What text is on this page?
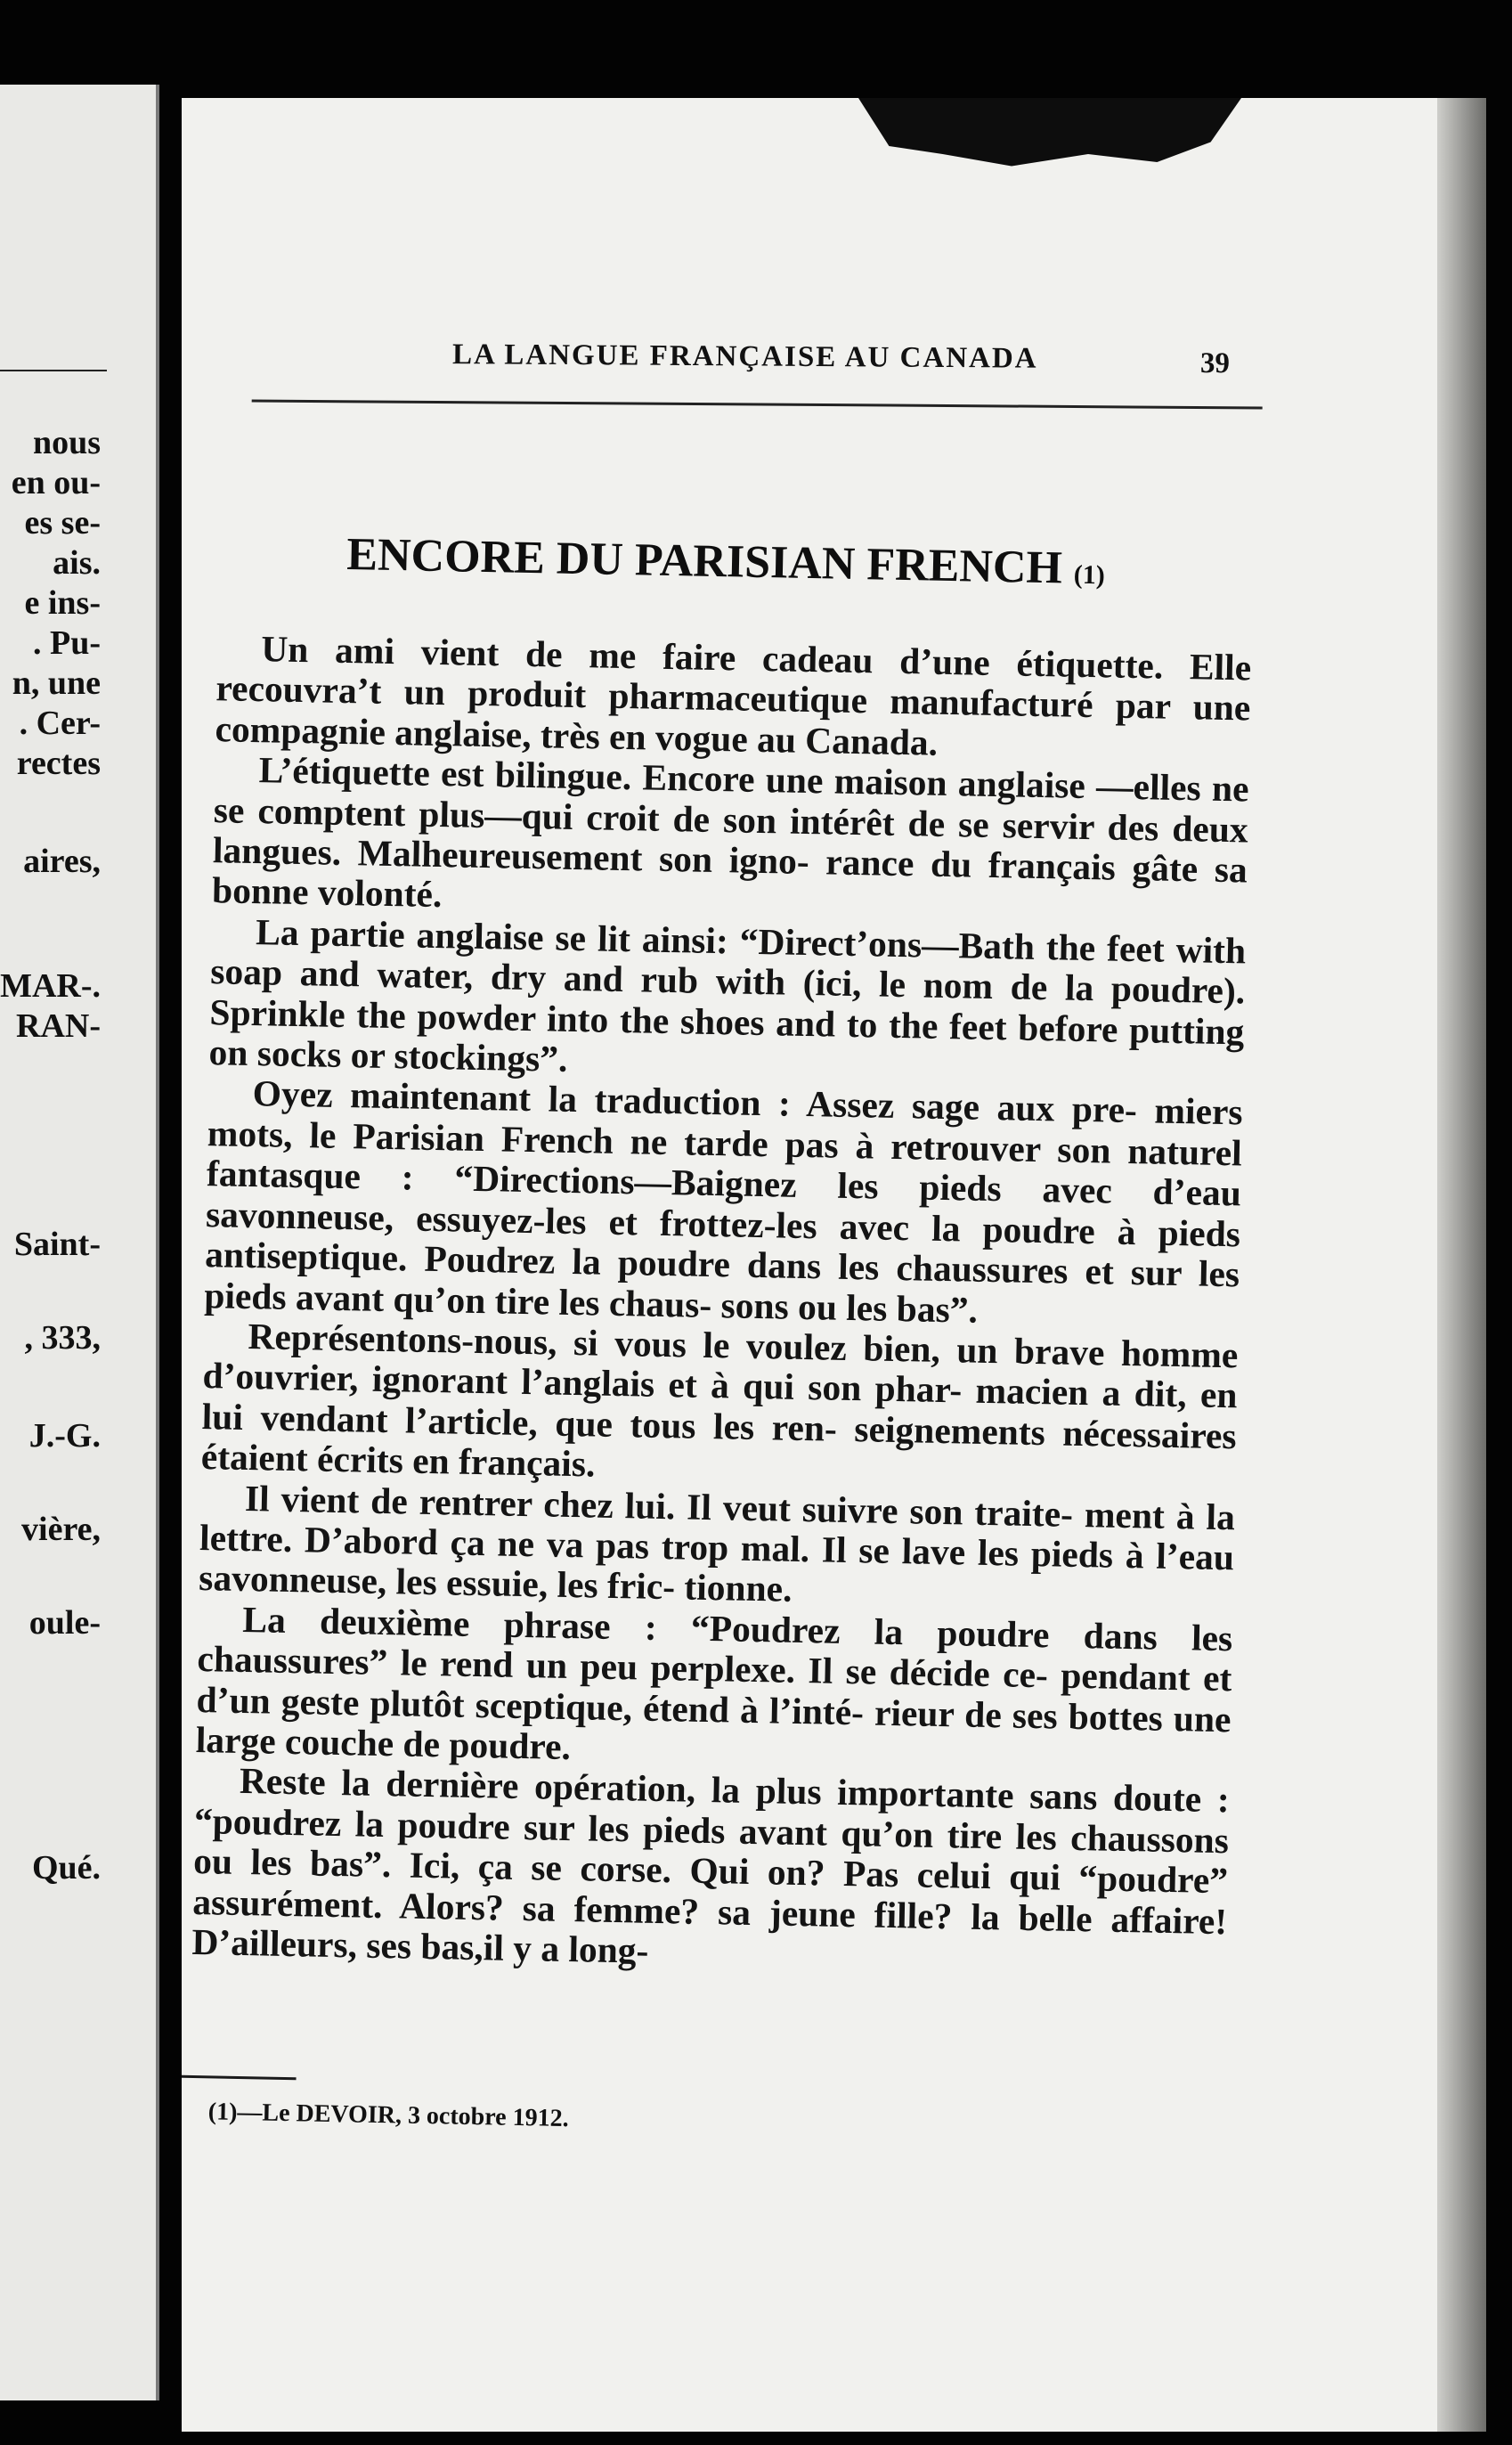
nous
en ou-
es se-
ais.
e ins-
. Pu-
n, une
. Cer-
rectes
aires,
MAR-.
RAN-
Saint-
, 333,
J.-G.
vière,
oule-
Qué.
LA LANGUE FRANÇAISE AU CANADA	39
ENCORE DU PARISIAN FRENCH (1)

Un ami vient de me faire cadeau d’une étiquette. Elle recouvra’t un produit pharmaceutique manufacturé par une compagnie anglaise, très en vogue au Canada.

L’étiquette est bilingue. Encore une maison anglaise —elles ne se comptent plus—qui croit de son intérêt de se servir des deux langues. Malheureusement son igno- rance du français gâte sa bonne volonté.

La partie anglaise se lit ainsi: “Direct’ons—Bath the feet with soap and water, dry and rub with (ici, le nom de la poudre). Sprinkle the powder into the shoes and to the feet before putting on socks or stockings”.

Oyez maintenant la traduction : Assez sage aux pre- miers mots, le Parisian French ne tarde pas à retrouver son naturel fantasque : “Directions—Baignez les pieds avec d’eau savonneuse, essuyez-les et frottez-les avec la poudre à pieds antiseptique. Poudrez la poudre dans les chaussures et sur les pieds avant qu’on tire les chaus- sons ou les bas”.

Représentons-nous, si vous le voulez bien, un brave homme d’ouvrier, ignorant l’anglais et à qui son phar- macien a dit, en lui vendant l’article, que tous les ren- seignements nécessaires étaient écrits en français.

Il vient de rentrer chez lui. Il veut suivre son traite- ment à la lettre. D’abord ça ne va pas trop mal. Il se lave les pieds à l’eau savonneuse, les essuie, les fric- tionne.

La deuxième phrase : “Poudrez la poudre dans les chaussures” le rend un peu perplexe. Il se décide ce- pendant et d’un geste plutôt sceptique, étend à l’inté- rieur de ses bottes une large couche de poudre.

Reste la dernière opération, la plus importante sans doute : “poudrez la poudre sur les pieds avant qu’on tire les chaussons ou les bas”. Ici, ça se corse. Qui on? Pas celui qui “poudre” assurément. Alors? sa femme? sa jeune fille? la belle affaire! D’ailleurs, ses bas,il y a long-

(1)—Le DEVOIR, 3 octobre 1912.
